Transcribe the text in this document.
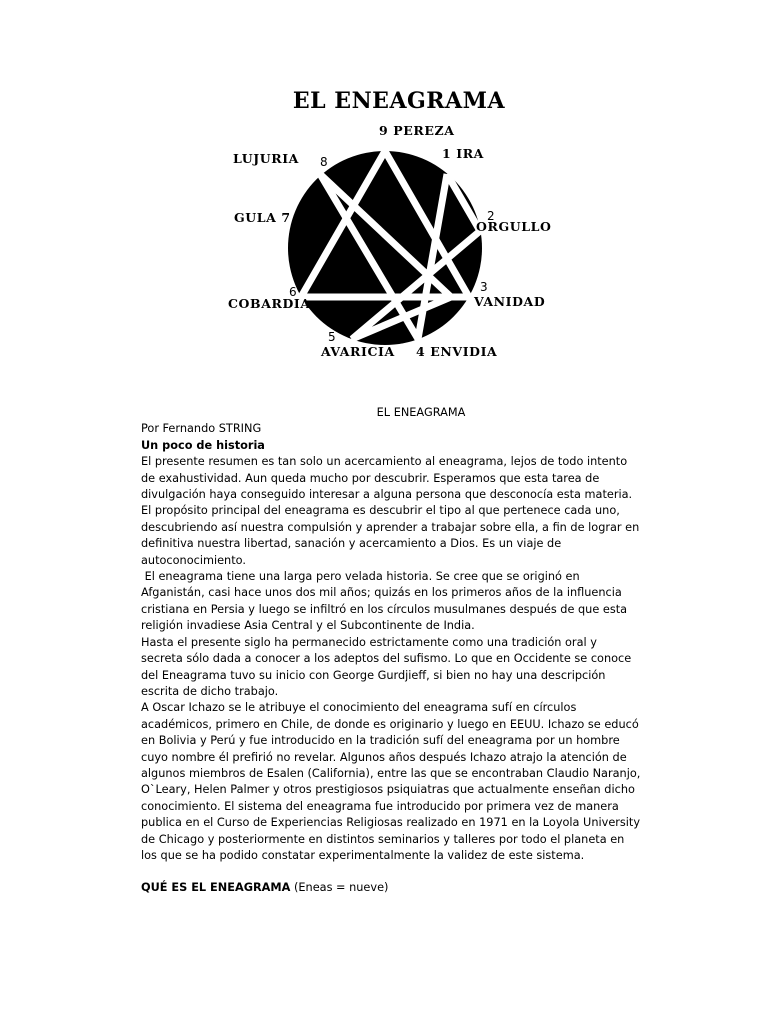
EL ENEAGRAMA
9 PEREZA
1 IRA
2
ORGULLO
3
VANIDAD
4 ENVIDIA
5
AVARICIA
6
COBARDIA
GULA 7
8
LUJURIA

EL ENEAGRAMA

Por Fernando STRING

Un poco de historia

El presente resumen es tan solo un acercamiento al eneagrama, lejos de todo intento de exahustividad. Aun queda mucho por descubrir. Esperamos que esta tarea de divulgación haya conseguido interesar a alguna persona que desconocía esta materia.

El propósito principal del eneagrama es descubrir el tipo al que pertenece cada uno, descubriendo así nuestra compulsión y aprender a trabajar sobre ella, a fin de lograr en definitiva nuestra libertad, sanación y acercamiento a Dios. Es un viaje de autoconocimiento.

El eneagrama tiene una larga pero velada historia. Se cree que se originó en Afganistán, casi hace unos dos mil años; quizás en los primeros años de la influencia cristiana en Persia y luego se infiltró en los círculos musulmanes después de que esta religión invadiese Asia Central y el Subcontinente de India.

Hasta el presente siglo ha permanecido estrictamente como una tradición oral y secreta sólo dada a conocer a los adeptos del sufismo. Lo que en Occidente se conoce del Eneagrama tuvo su inicio con George Gurdjieff, si bien no hay una descripción escrita de dicho trabajo.

A Oscar Ichazo se le atribuye el conocimiento del eneagrama sufí en círculos académicos, primero en Chile, de donde es originario y luego en EEUU. Ichazo se educó en Bolivia y Perú y fue introducido en la tradición sufí del eneagrama por un hombre cuyo nombre él prefirió no revelar. Algunos años después Ichazo atrajo la atención de algunos miembros de Esalen (California), entre las que se encontraban Claudio Naranjo, O`Leary, Helen Palmer y otros prestigiosos psiquiatras que actualmente enseñan dicho conocimiento. El sistema del eneagrama fue introducido por primera vez de manera publica en el Curso de Experiencias Religiosas realizado en 1971 en la Loyola University de Chicago y posteriormente en distintos seminarios y talleres por todo el planeta en los que se ha podido constatar experimentalmente la validez de este sistema.

QUÉ ES EL ENEAGRAMA (Eneas = nueve)
